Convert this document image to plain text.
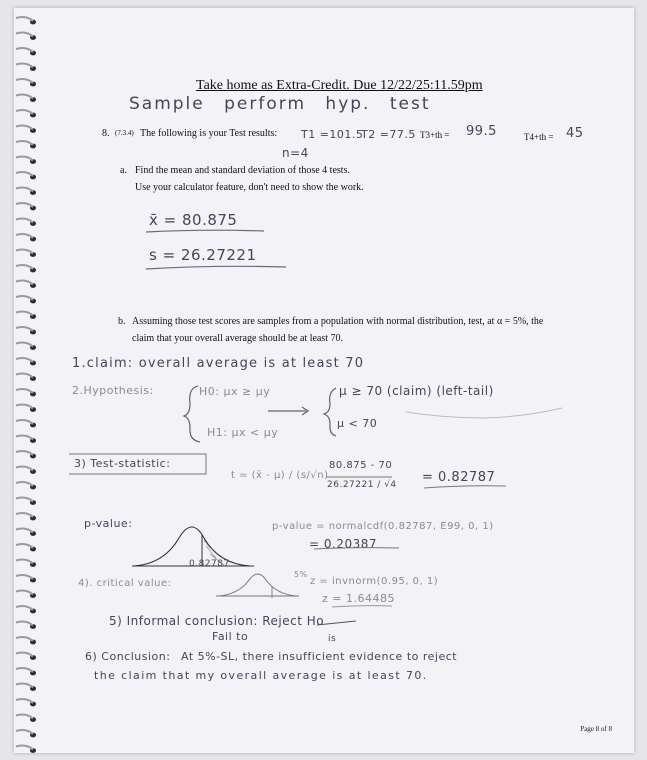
Take home as Extra-Credit. Due 12/22/25:11.59pm
Sample perform hyp. test
8. (7.3.4) The following is your Test results: T1 =101.5
T2 =77.5 T3+th = 99.5	T4+th = 45
n=4
a. Find the mean and standard deviation of those 4 tests.
Use your calculator feature, don't need to show the work.
x̄ = 80.875
s = 26.27221
b. Assuming those test scores are samples from a population with normal distribution, test, at α = 5%, the
claim that your overall average should be at least 70.
1.claim: overall average is at least 70
2.Hypothesis:	H0: μx ≥ μy
H1: μx < μy
μ ≥ 70 (claim) (left-tail)
μ < 70
3) Test-statistic:
t = (x̄ - μ) / (s/√n)
80.875 - 70
26.27221 / √4 = 0.82787
p-value:	p-value = normalcdf(0.82787, E99, 0, 1)
= 0.20387
0.82787
4). critical value:
5%
z = invnorm(0.95, 0, 1)
z = 1.64485
5) Informal conclusion: Reject Ho
Fail to	is
6) Conclusion: At 5%-SL, there insufficient evidence to reject
the claim that my overall average is at least 70.
Page 8 of 8
